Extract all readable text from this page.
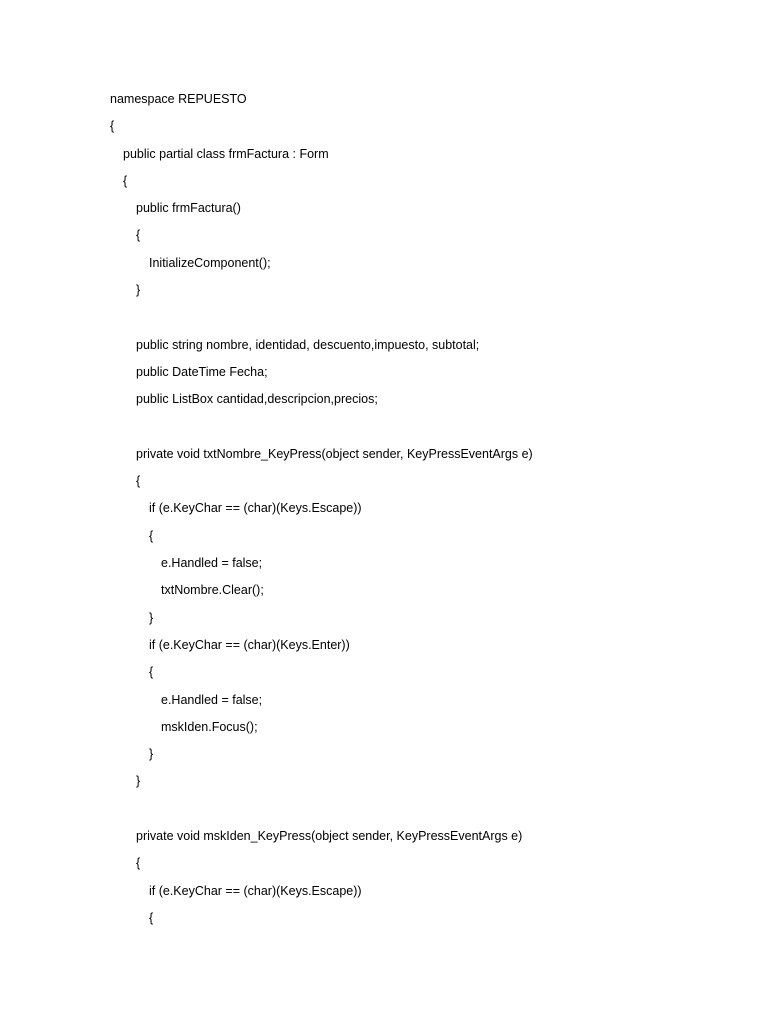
namespace REPUESTO
{
public partial class frmFactura : Form
{
public frmFactura()
{
InitializeComponent();
}
public string nombre, identidad, descuento,impuesto, subtotal;
public DateTime Fecha;
public ListBox cantidad,descripcion,precios;
private void txtNombre_KeyPress(object sender, KeyPressEventArgs e)
{
if (e.KeyChar == (char)(Keys.Escape))
{
e.Handled = false;
txtNombre.Clear();
}
if (e.KeyChar == (char)(Keys.Enter))
{
e.Handled = false;
mskIden.Focus();
}
}
private void mskIden_KeyPress(object sender, KeyPressEventArgs e)
{
if (e.KeyChar == (char)(Keys.Escape))
{
